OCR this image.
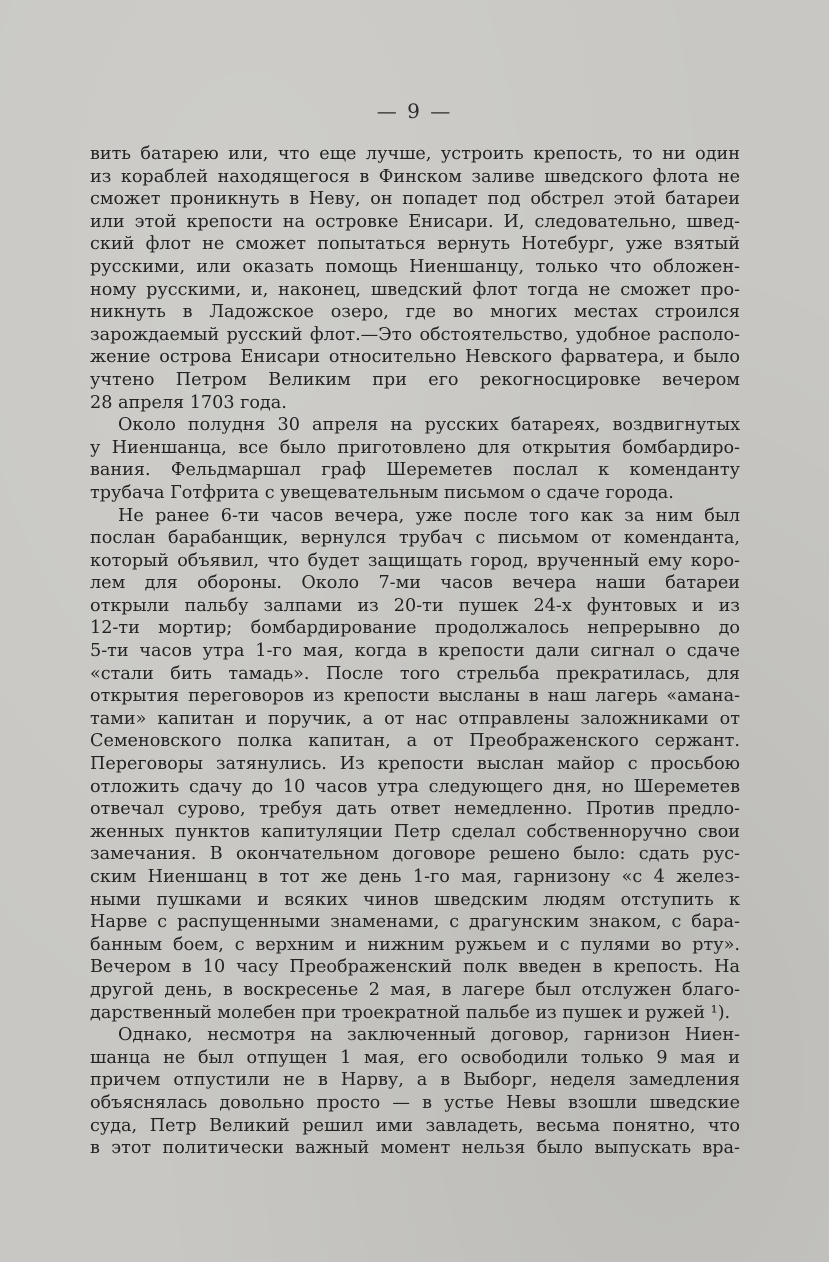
— 9 —
вить батарею или, что еще лучше, устроить крепость, то ни один
из кораблей находящегося в Финском заливе шведского флота не
сможет проникнуть в Неву, он попадет под обстрел этой батареи
или этой крепости на островке Енисари. И, следовательно, швед-
ский флот не сможет попытаться вернуть Нотебург, уже взятый
русскими, или оказать помощь Ниеншанцу, только что обложен-
ному русскими, и, наконец, шведский флот тогда не сможет про-
никнуть в Ладожское озеро, где во многих местах строился
зарождаемый русский флот.—Это обстоятельство, удобное располо-
жение острова Енисари относительно Невского фарватера, и было
учтено Петром Великим при его рекогносцировке вечером
28 апреля 1703 года.
Около полудня 30 апреля на русских батареях, воздвигнутых
у Ниеншанца, все было приготовлено для открытия бомбардиро-
вания. Фельдмаршал граф Шереметев послал к коменданту
трубача Готфрита с увещевательным письмом о сдаче города.
Не ранее 6-ти часов вечера, уже после того как за ним был
послан барабанщик, вернулся трубач с письмом от коменданта,
который объявил, что будет защищать город, врученный ему коро-
лем для обороны. Около 7-ми часов вечера наши батареи
открыли пальбу залпами из 20-ти пушек 24-х фунтовых и из
12-ти мортир; бомбардирование продолжалось непрерывно до
5-ти часов утра 1-го мая, когда в крепости дали сигнал о сдаче
«стали бить тамадь». После того стрельба прекратилась, для
открытия переговоров из крепости высланы в наш лагерь «аманa-
тами» капитан и поручик, а от нас отправлены заложниками от
Семеновского полка капитан, а от Преображенского сержант.
Переговоры затянулись. Из крепости выслан майор с просьбою
отложить сдачу до 10 часов утра следующего дня, но Шереметев
отвечал сурово, требуя дать ответ немедленно. Против предло-
женных пунктов капитуляции Петр сделал собственноручно свои
замечания. В окончательном договоре решено было: сдать рус-
ским Ниеншанц в тот же день 1-го мая, гарнизону «с 4 желез-
ными пушками и всяких чинов шведским людям отступить к
Нарве с распущенными знаменами, с драгунским знаком, с бара-
банным боем, с верхним и нижним ружьем и с пулями во рту».
Вечером в 10 часу Преображенский полк введен в крепость. На
другой день, в воскресенье 2 мая, в лагере был отслужен благо-
дарственный молебен при троекратной пальбе из пушек и ружей ¹).
Однако, несмотря на заключенный договор, гарнизон Ниен-
шанца не был отпущен 1 мая, его освободили только 9 мая и
причем отпустили не в Нарву, а в Выборг, неделя замедления
объяснялась довольно просто — в устье Невы взошли шведские
суда, Петр Великий решил ими завладеть, весьма понятно, что
в этот политически важный момент нельзя было выпускать вра-
